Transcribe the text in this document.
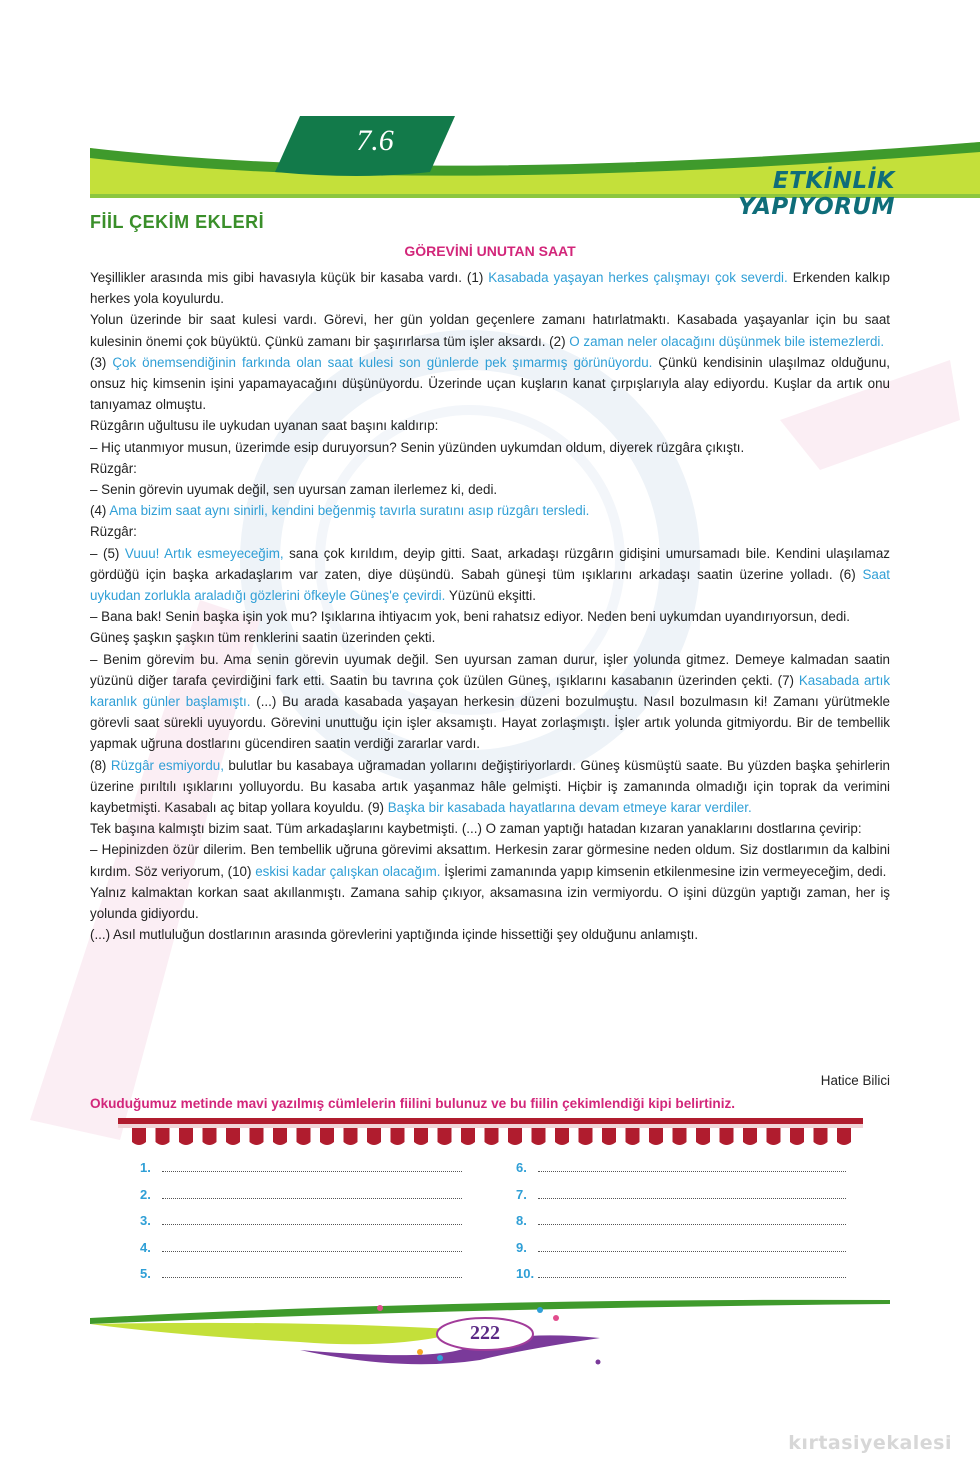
7.6
ETKİNLİK YAPIYORUM
FİİL ÇEKİM EKLERİ
GÖREVİNİ UNUTAN SAAT

Yeşillikler arasında mis gibi havasıyla küçük bir kasaba vardı. (1) Kasabada yaşayan herkes çalışmayı çok severdi. Erkenden kalkıp herkes yola koyulurdu.

Yolun üzerinde bir saat kulesi vardı. Görevi, her gün yoldan geçenlere zamanı hatırlatmaktı. Kasabada yaşayanlar için bu saat kulesinin önemi çok büyüktü. Çünkü zamanı bir şaşırırlarsa tüm işler aksardı. (2) O zaman neler olacağını düşünmek bile istemezlerdi.

(3) Çok önemsendiğinin farkında olan saat kulesi son günlerde pek şımarmış görünüyordu. Çünkü kendisinin ulaşılmaz olduğunu, onsuz hiç kimsenin işini yapamayacağını düşünüyordu. Üzerinde uçan kuşların kanat çırpışlarıyla alay ediyordu. Kuşlar da artık onu tanıyamaz olmuştu.

Rüzgârın uğultusu ile uykudan uyanan saat başını kaldırıp:

– Hiç utanmıyor musun, üzerimde esip duruyorsun? Senin yüzünden uykumdan oldum, diyerek rüzgâra çıkıştı.

Rüzgâr:

– Senin görevin uyumak değil, sen uyursan zaman ilerlemez ki, dedi.

(4) Ama bizim saat aynı sinirli, kendini beğenmiş tavırla suratını asıp rüzgârı tersledi.

Rüzgâr:

– (5) Vuuu! Artık esmeyeceğim, sana çok kırıldım, deyip gitti. Saat, arkadaşı rüzgârın gidişini umursamadı bile. Kendini ulaşılamaz gördüğü için başka arkadaşlarım var zaten, diye düşündü. Sabah güneşi tüm ışıklarını arkadaşı saatin üzerine yolladı. (6) Saat uykudan zorlukla araladığı gözlerini öfkeyle Güneş'e çevirdi. Yüzünü ekşitti.

– Bana bak! Senin başka işin yok mu? Işıklarına ihtiyacım yok, beni rahatsız ediyor. Neden beni uykumdan uyandırıyorsun, dedi.

Güneş şaşkın şaşkın tüm renklerini saatin üzerinden çekti.

– Benim görevim bu. Ama senin görevin uyumak değil. Sen uyursan zaman durur, işler yolunda gitmez. Demeye kalmadan saatin yüzünü diğer tarafa çevirdiğini fark etti. Saatin bu tavrına çok üzülen Güneş, ışıklarını kasabanın üzerinden çekti. (7) Kasabada artık karanlık günler başlamıştı. (...) Bu arada kasabada yaşayan herkesin düzeni bozulmuştu. Nasıl bozulmasın ki! Zamanı yürütmekle görevli saat sürekli uyuyordu. Görevini unuttuğu için işler aksamıştı. Hayat zorlaşmıştı. İşler artık yolunda gitmiyordu. Bir de tembellik yapmak uğruna dostlarını gücendiren saatin verdiği zararlar vardı.

(8) Rüzgâr esmiyordu, bulutlar bu kasabaya uğramadan yollarını değiştiriyorlardı. Güneş küsmüştü saate. Bu yüzden başka şehirlerin üzerine pırıltılı ışıklarını yolluyordu. Bu kasaba artık yaşanmaz hâle gelmişti. Hiçbir iş zamanında olmadığı için toprak da verimini kaybetmişti. Kasabalı aç bitap yollara koyuldu. (9) Başka bir kasabada hayatlarına devam etmeye karar verdiler.

Tek başına kalmıştı bizim saat. Tüm arkadaşlarını kaybetmişti. (...) O zaman yaptığı hatadan kızaran yanaklarını dostlarına çevirip:

– Hepinizden özür dilerim. Ben tembellik uğruna görevimi aksattım. Herkesin zarar görmesine neden oldum. Siz dostlarımın da kalbini kırdım. Söz veriyorum, (10) eskisi kadar çalışkan olacağım. İşlerimi zamanında yapıp kimsenin etkilenmesine izin vermeyeceğim, dedi.

Yalnız kalmaktan korkan saat akıllanmıştı. Zamana sahip çıkıyor, aksamasına izin vermiyordu. O işini düzgün yaptığı zaman, her iş yolunda gidiyordu.

(...) Asıl mutluluğun dostlarının arasında görevlerini yaptığında içinde hissettiği şey olduğunu anlamıştı.

Hatice Bilici
Okuduğumuz metinde mavi yazılmış cümlelerin fiilini bulunuz ve bu fiilin çekimlendiği kipi belirtiniz.
1.
2.
3.
4.
5.
6.
7.
8.
9.
10.
222
kırtasiyekalesi
